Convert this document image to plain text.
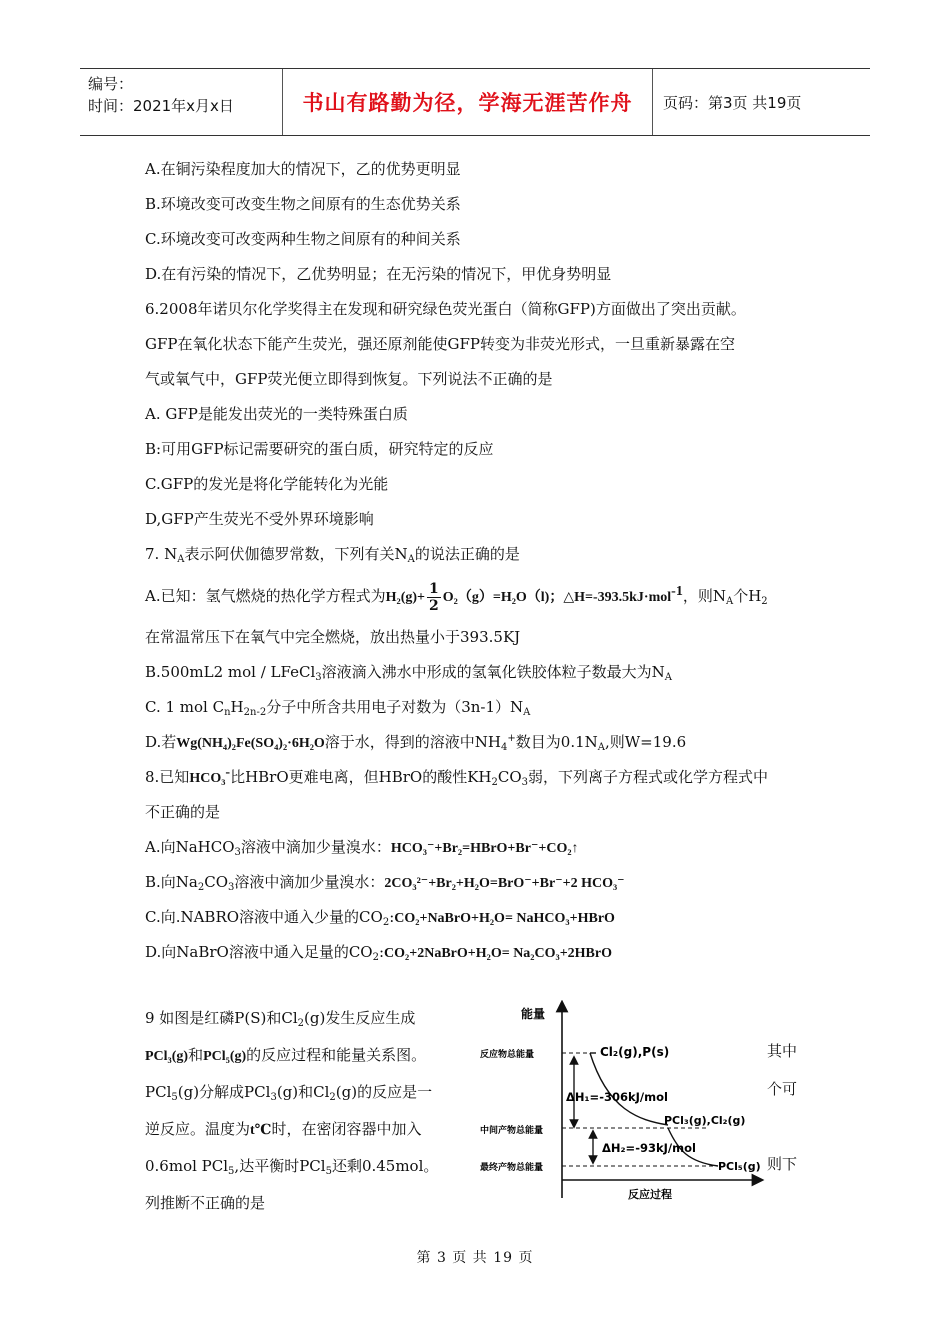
编号：
时间：2021年x月x日	书山有路勤为径，学海无涯苦作舟 页码：第3页 共19页
A.在铜污染程度加大的情况下，乙的优势更明显
B.环境改变可改变生物之间原有的生态优势关系
C.环境改变可改变两种生物之间原有的种间关系
D.在有污染的情况下，乙优势明显；在无污染的情况下，甲优身势明显
6.2008年诺贝尔化学奖得主在发现和研究绿色荧光蛋白（简称GFP)方面做出了突出贡献。
GFP在氧化状态下能产生荧光，强还原剂能使GFP转变为非荧光形式，一旦重新暴露在空
气或氧气中，GFP荧光便立即得到恢复。下列说法不正确的是
A. GFP是能发出荧光的一类特殊蛋白质
B:可用GFP标记需要研究的蛋白质，研究特定的反应
C.GFP的发光是将化学能转化为光能
D,GFP产生荧光不受外界环境影响
7. $N_A$表示阿伏伽德罗常数，下列有关$N_A$的说法正确的是
A.已知：氢气燃烧的热化学方程式为$H_2(g)+ \frac{1}{2} O_2(g)=H_2O(l)$；△H=-393.5kJ·mol$^{-1}$，则$N_A$个$H_2$
在常温常压下在氧气中完全燃烧，放出热量小于393.5KJ
B.500mL2 mol / LFeCl$_3$溶液滴入沸水中形成的氢氧化铁胶体粒子数最大为$N_A$
C. 1 mol $C_nH_{2n-2}$分子中所含共用电子对数为$(3n-1)N_A$
D.若Wg(NH₄)₂Fe(SO₄)₂·6H₂O溶于水，得到的溶液中$NH_4^+$数目为$0.1N_A$,则W=19.6
8.已知HCO₃-比HBrO更难电离，但HBrO的酸性$KH_2CO_3$弱，下列离子方程式或化学方程式中
不正确的是
A.向NaHCO$_3$溶液中滴加少量溴水：HCO₃⁻+Br₂=HBrO+Br⁻+CO₂↑
B.向$Na_2CO_3$溶液中滴加少量溴水：2CO₃²⁻+Br₂+H₂O=BrO⁻+Br⁻+2 HCO₃⁻
C.向.NABRO溶液中通入少量的$CO_2:CO_2+NaBrO+H_2O=$ NaHCO₃+HBrO
D.向NaBrO溶液中通入足量的$CO_2:CO_2+2NaBrO+H_2O=$ Na₂CO₃+2HBrO
9 如图是红磷P(S)和$Cl_2(g)$发生反应生成
PCl₃(g)和PCl₅(g)的反应过程和能量关系图。
PCl$_5$(g)分解成PCl$_3$(g)和$Cl_2(g)$的反应是一
逆反应。温度为t℃时，在密闭容器中加入
0.6mol PCl$_5$,达平衡时PCl$_5$还剩0.45mol。
列推断不正确的是
其中
个可
则下
能量
反应过程
反应物总能量
中间产物总能量
最终产物总能量
Cl₂(g),P(s)
PCl₃(g),Cl₂(g)
PCl₅(g)
ΔH₁=-306kJ/mol
ΔH₂=-93kJ/mol
第 3 页 共 19 页
